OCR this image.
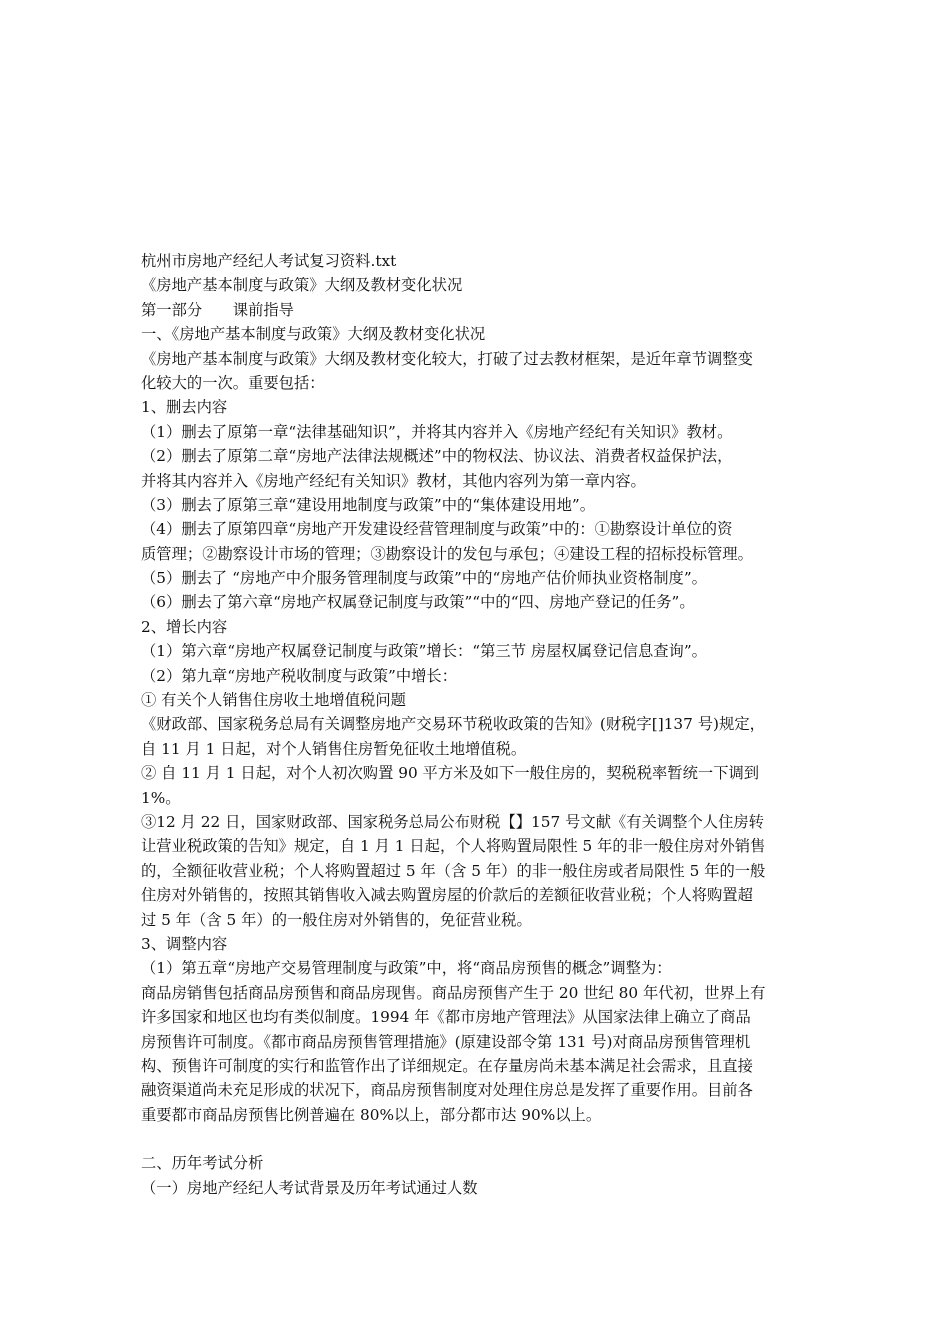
杭州市房地产经纪人考试复习资料.txt
《房地产基本制度与政策》大纲及教材变化状况
第一部分　　课前指导
一、《房地产基本制度与政策》大纲及教材变化状况
《房地产基本制度与政策》大纲及教材变化较大，打破了过去教材框架，是近年章节调整变
化较大的一次。重要包括：
1、删去内容
（1）删去了原第一章“法律基础知识”，并将其内容并入《房地产经纪有关知识》教材。
（2）删去了原第二章“房地产法律法规概述”中的物权法、协议法、消费者权益保护法，
并将其内容并入《房地产经纪有关知识》教材，其他内容列为第一章内容。
（3）删去了原第三章“建设用地制度与政策”中的“集体建设用地”。
（4）删去了原第四章“房地产开发建设经营管理制度与政策”中的：①勘察设计单位的资
质管理；②勘察设计市场的管理；③勘察设计的发包与承包；④建设工程的招标投标管理。
（5）删去了 “房地产中介服务管理制度与政策”中的“房地产估价师执业资格制度”。
（6）删去了第六章“房地产权属登记制度与政策”“中的“四、房地产登记的任务”。
2、增长内容
（1）第六章“房地产权属登记制度与政策”增长：“第三节 房屋权属登记信息查询”。
（2）第九章“房地产税收制度与政策”中增长：
① 有关个人销售住房收土地增值税问题
《财政部、国家税务总局有关调整房地产交易环节税收政策的告知》(财税字[]137 号)规定，
自 11 月 1 日起，对个人销售住房暂免征收土地增值税。
② 自 11 月 1 日起，对个人初次购置 90 平方米及如下一般住房的，契税税率暂统一下调到
1%。
③12 月 22 日，国家财政部、国家税务总局公布财税【】157 号文献《有关调整个人住房转
让营业税政策的告知》规定，自 1 月 1 日起，个人将购置局限性 5 年的非一般住房对外销售
的，全额征收营业税；个人将购置超过 5 年（含 5 年）的非一般住房或者局限性 5 年的一般
住房对外销售的，按照其销售收入减去购置房屋的价款后的差额征收营业税；个人将购置超
过 5 年（含 5 年）的一般住房对外销售的，免征营业税。
3、调整内容
（1）第五章“房地产交易管理制度与政策”中，将“商品房预售的概念”调整为：
商品房销售包括商品房预售和商品房现售。商品房预售产生于 20 世纪 80 年代初，世界上有
许多国家和地区也均有类似制度。1994 年《都市房地产管理法》从国家法律上确立了商品
房预售许可制度。《都市商品房预售管理措施》(原建设部令第 131 号)对商品房预售管理机
构、预售许可制度的实行和监管作出了详细规定。在存量房尚未基本满足社会需求，且直接
融资渠道尚未充足形成的状况下，商品房预售制度对处理住房总是发挥了重要作用。目前各
重要都市商品房预售比例普遍在 80%以上，部分都市达 90%以上。
二、历年考试分析
（一）房地产经纪人考试背景及历年考试通过人数
